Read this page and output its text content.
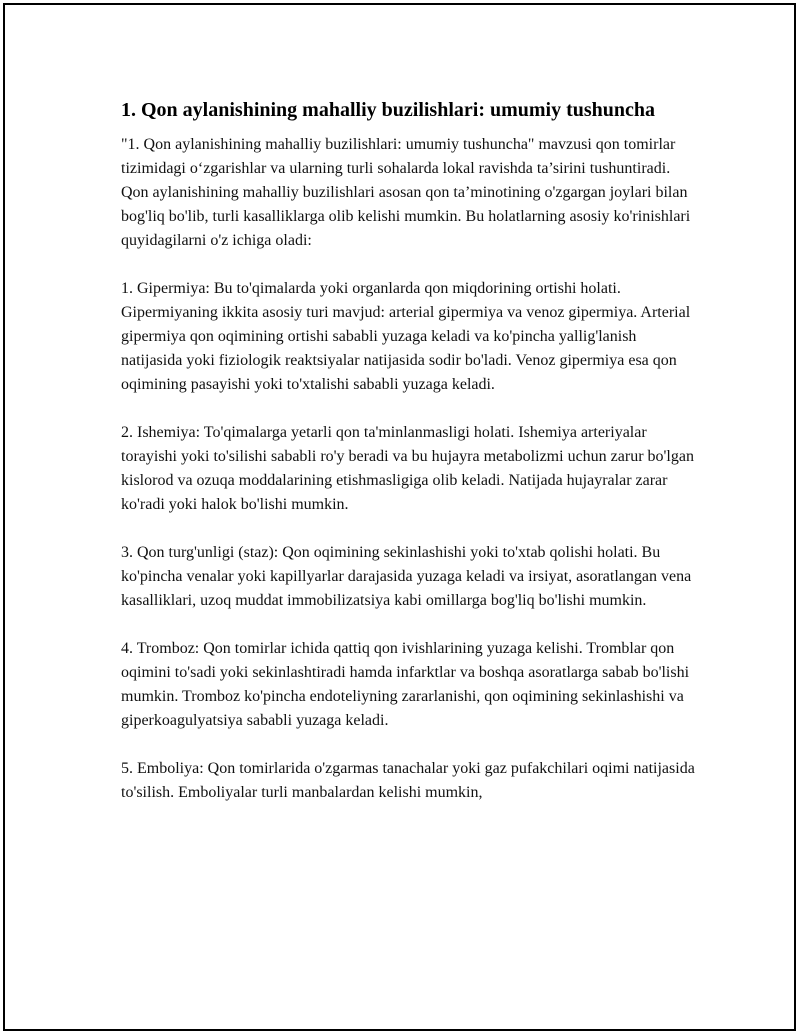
1. Qon aylanishining mahalliy buzilishlari: umumiy tushuncha

"1. Qon aylanishining mahalliy buzilishlari: umumiy tushuncha" mavzusi qon tomirlar tizimidagi o‘zgarishlar va ularning turli sohalarda lokal ravishda ta’sirini tushuntiradi. Qon aylanishining mahalliy buzilishlari asosan qon ta’minotining o'zgargan joylari bilan bog'liq bo'lib, turli kasalliklarga olib kelishi mumkin. Bu holatlarning asosiy ko'rinishlari quyidagilarni o'z ichiga oladi:

1. Gipermiya: Bu to'qimalarda yoki organlarda qon miqdorining ortishi holati. Gipermiyaning ikkita asosiy turi mavjud: arterial gipermiya va venoz gipermiya. Arterial gipermiya qon oqimining ortishi sababli yuzaga keladi va ko'pincha yallig'lanish natijasida yoki fiziologik reaktsiyalar natijasida sodir bo'ladi. Venoz gipermiya esa qon oqimining pasayishi yoki to'xtalishi sababli yuzaga keladi.

2. Ishemiya: To'qimalarga yetarli qon ta'minlanmasligi holati. Ishemiya arteriyalar torayishi yoki to'silishi sababli ro'y beradi va bu hujayra metabolizmi uchun zarur bo'lgan kislorod va ozuqa moddalarining etishmasligiga olib keladi. Natijada hujayralar zarar ko'radi yoki halok bo'lishi mumkin.

3. Qon turg'unligi (staz): Qon oqimining sekinlashishi yoki to'xtab qolishi holati. Bu ko'pincha venalar yoki kapillyarlar darajasida yuzaga keladi va irsiyat, asoratlangan vena kasalliklari, uzoq muddat immobilizatsiya kabi omillarga bog'liq bo'lishi mumkin.

4. Tromboz: Qon tomirlar ichida qattiq qon ivishlarining yuzaga kelishi. Tromblar qon oqimini to'sadi yoki sekinlashtiradi hamda infarktlar va boshqa asoratlarga sabab bo'lishi mumkin. Tromboz ko'pincha endoteliyning zararlanishi, qon oqimining sekinlashishi va giperkoagulyatsiya sababli yuzaga keladi.

5. Emboliya: Qon tomirlarida o'zgarmas tanachalar yoki gaz pufakchilari oqimi natijasida to'silish. Emboliyalar turli manbalardan kelishi mumkin,
